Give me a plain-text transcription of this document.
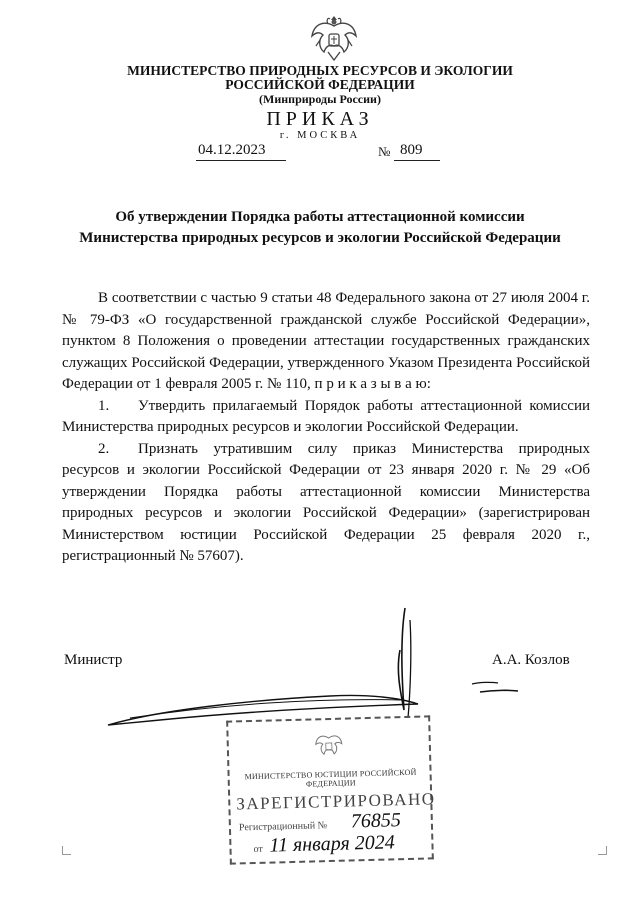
МИНИСТЕРСТВО ПРИРОДНЫХ РЕСУРСОВ И ЭКОЛОГИИ
РОССИЙСКОЙ ФЕДЕРАЦИИ
(Минприроды России)
ПРИКАЗ
г. МОСКВА
04.12.2023	№ 809
Об утверждении Порядка работы аттестационной комиссии
Министерства природных ресурсов и экологии Российской Федерации

В соответствии с частью 9 статьи 48 Федерального закона от 27 июля 2004 г. № 79-ФЗ «О государственной гражданской службе Российской Федерации», пунктом 8 Положения о проведении аттестации государственных гражданских служащих Российской Федерации, утвержденного Указом Президента Российской Федерации от 1 февраля 2005 г. № 110, п р и к а з ы в а ю:

1. Утвердить прилагаемый Порядок работы аттестационной комиссии Министерства природных ресурсов и экологии Российской Федерации.

2. Признать утратившим силу приказ Министерства природных ресурсов и экологии Российской Федерации от 23 января 2020 г. № 29 «Об утверждении Порядка работы аттестационной комиссии Министерства природных ресурсов и экологии Российской Федерации» (зарегистрирован Министерством юстиции Российской Федерации 25 февраля 2020 г., регистрационный № 57607).

Министр	А.А. Козлов
МИНИСТЕРСТВО ЮСТИЦИИ РОССИЙСКОЙ ФЕДЕРАЦИИ
ЗАРЕГИСТРИРОВАНО
Регистрационный № 76855
от 11 января 2024
